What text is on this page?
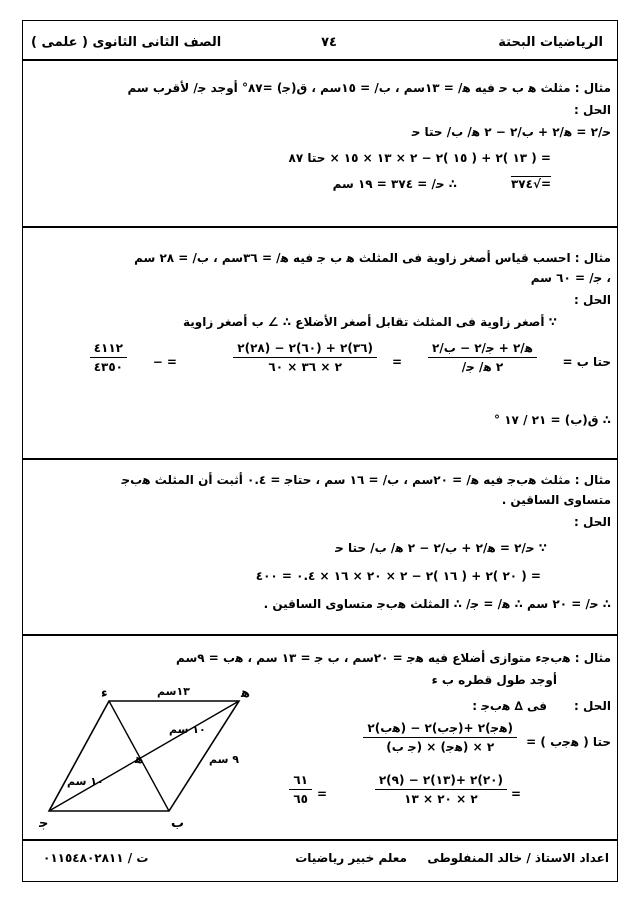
الرياضيات البحتة
٧٤
الصف الثانى الثانوى ( علمى )
مثال : مثلث ﻫ ب ﺣ فيه ﻫ/ = ١٣سم ، ب/ = ١٥سم ، ق(ﺟ) =٨٧° أوجد ﺟ/ لأقرب سم
الحل :
ﺣ/٢ = ﻫ/٢ + ب/٢ − ٢ ﻫ/ ب/ حتا ﺣ
= ( ١٣ )٢ + ( ١٥ )٢ − ٢ × ١٣ × ١٥ × حتا ٨٧
=√٣٧٤
∴ ﺣ/ = ٣٧٤ = ١٩ سم
مثال : احسب قياس أصغر زاوية فى المثلث ﻫ ب ﺟ فيه ﻫ/ = ٣٦سم ، ب/ = ٢٨ سم
، ﺟ/ = ٦٠ سم
الحل :
∵ أصغر زاوية فى المثلث تقابل أصغر الأضلاع ∴ ∠ ب أصغر زاوية
حتا ب =
ﻫ/٢ + ﺟ/٢ − ب/٢
٢ ﻫ/ ﺟ/
=
(٣٦)٢ + (٦٠)٢ − (٢٨)٢
٢ × ٣٦ × ٦٠
= −
٤١١٢
٤٣٥٠
∴ ق(ب) = ٢١ / ١٧ °
مثال : مثلث ﻫبﺟ فيه ﻫ/ = ٢٠سم ، ب/ = ١٦ سم ، حتاﺟ = ٠.٤ أثبت أن المثلث ﻫبﺟ
متساوى الساقين .
الحل :
∵ ﺣ/٢ = ﻫ/٢ + ب/٢ − ٢ ﻫ/ ب/ حتا ﺣ
= ( ٢٠ )٢ + ( ١٦ )٢ − ٢ × ٢٠ × ١٦ × ٠.٤ = ٤٠٠
∴ ﺣ/ = ٢٠ سم ∴ ﻫ/ = ﺟ/ ∴ المثلث ﻫبﺟ متساوى الساقين .
مثال : ﻫبﺟء متوازى أضلاع فيه ﻫﺟ = ٢٠سم ، ب ﺟ = ١٣ سم ، ﻫب = ٩سم
أوجد طول قطره ب ء
الحل :
فى ∆ ﻫبﺟ :
حتا ( ﻫﺟب ) =
(ﻫﺟ)٢ +(ﺟب)٢ − (ﻫب)٢
٢ × (ﻫﺟ) × (ﺟ ب)
=
(٢٠)٢ +(١٣)٢ − (٩)٢
٢ × ٢٠ × ١٣
=
٦١
٦٥
ﻫ
ب
ﺟ
ء
ﻫ
١٣سم
٩ سم
١٠ سم
١٠ سم
اعداد الاستاذ / خالد المنفلوطى
معلم خبير رياضيات
ت / ٠١١٥٤٨٠٢٨١١
